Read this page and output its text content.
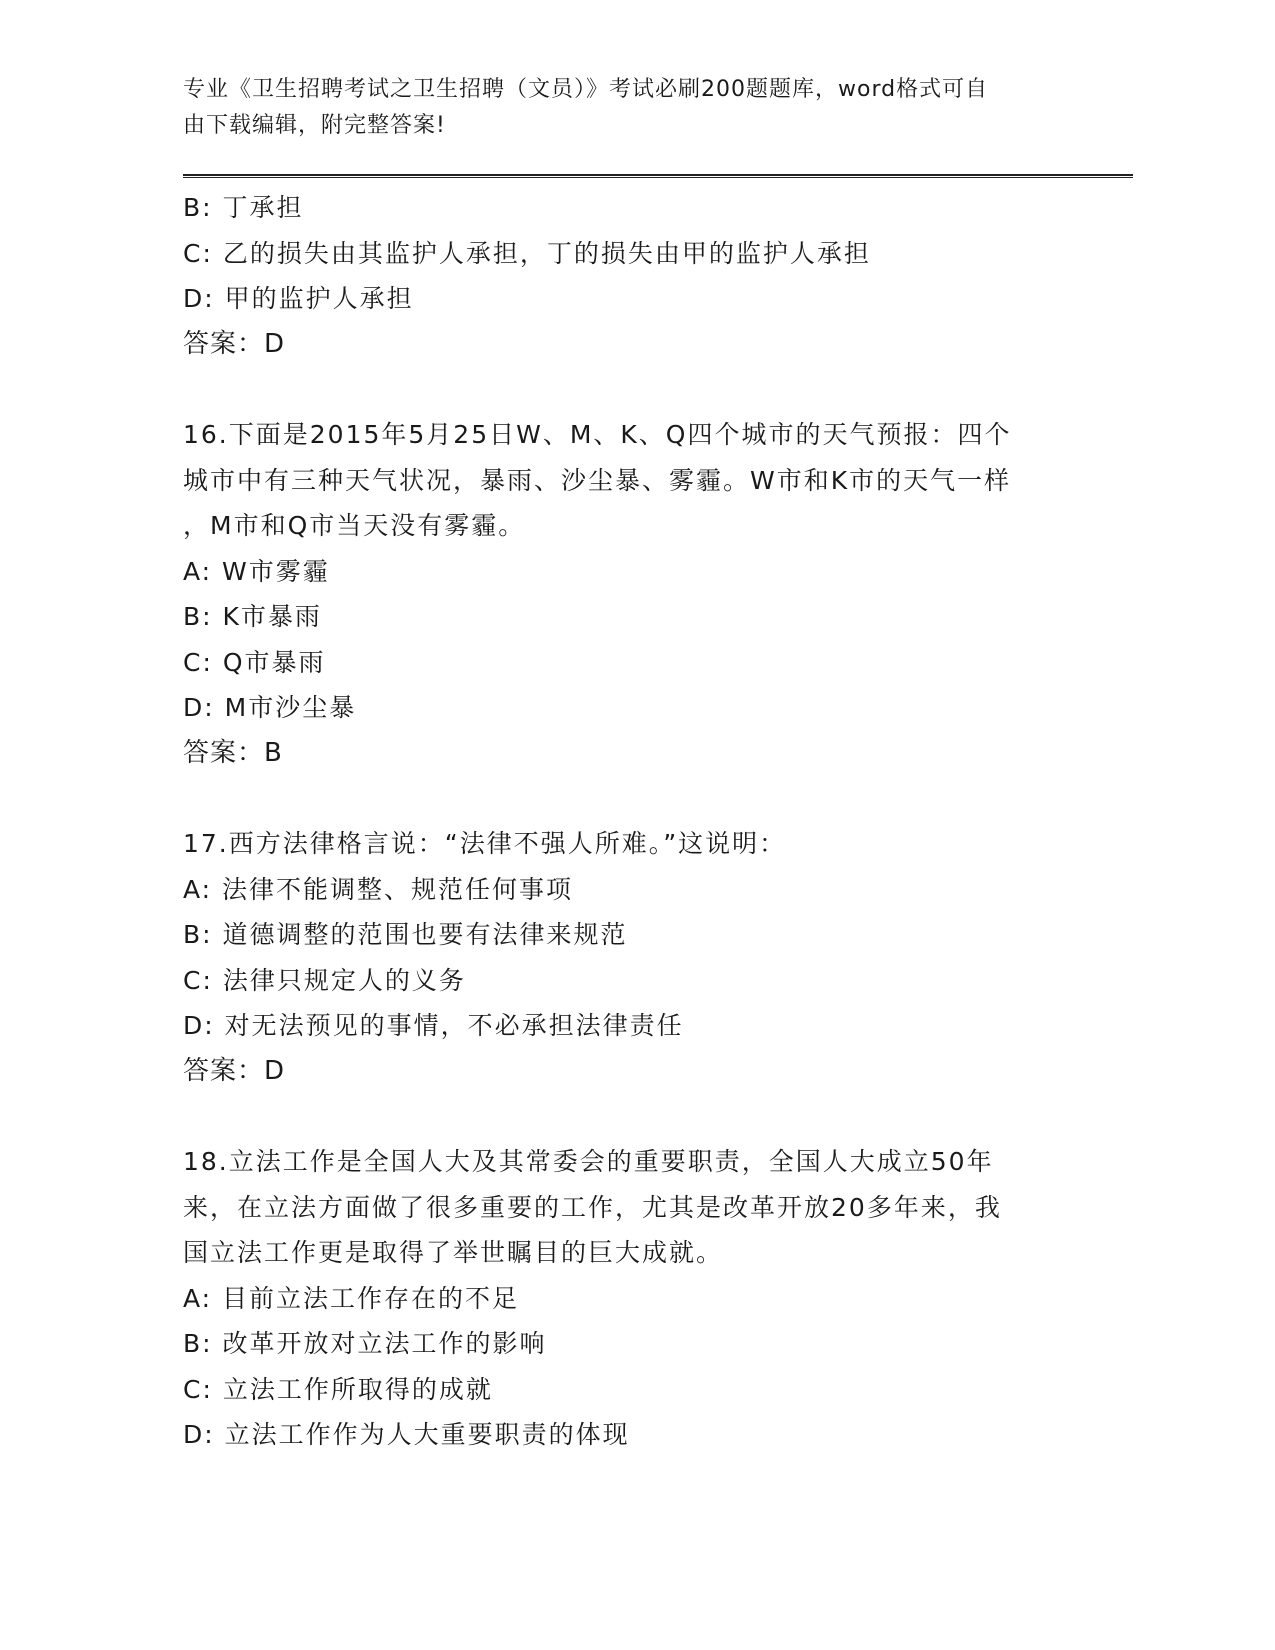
专业《卫生招聘考试之卫生招聘（文员）》考试必刷200题题库，word格式可自
由下载编辑，附完整答案!
B: 丁承担
C: 乙的损失由其监护人承担，丁的损失由甲的监护人承担
D: 甲的监护人承担
答案：D
16.下面是2015年5月25日W、M、K、Q四个城市的天气预报：四个
城市中有三种天气状况，暴雨、沙尘暴、雾霾。W市和K市的天气一样
，M市和Q市当天没有雾霾。
A: W市雾霾
B: K市暴雨
C: Q市暴雨
D: M市沙尘暴
答案：B
17.西方法律格言说：“法律不强人所难。”这说明：
A: 法律不能调整、规范任何事项
B: 道德调整的范围也要有法律来规范
C: 法律只规定人的义务
D: 对无法预见的事情，不必承担法律责任
答案：D
18.立法工作是全国人大及其常委会的重要职责，全国人大成立50年
来，在立法方面做了很多重要的工作，尤其是改革开放20多年来，我
国立法工作更是取得了举世瞩目的巨大成就。
A: 目前立法工作存在的不足
B: 改革开放对立法工作的影响
C: 立法工作所取得的成就
D: 立法工作作为人大重要职责的体现
